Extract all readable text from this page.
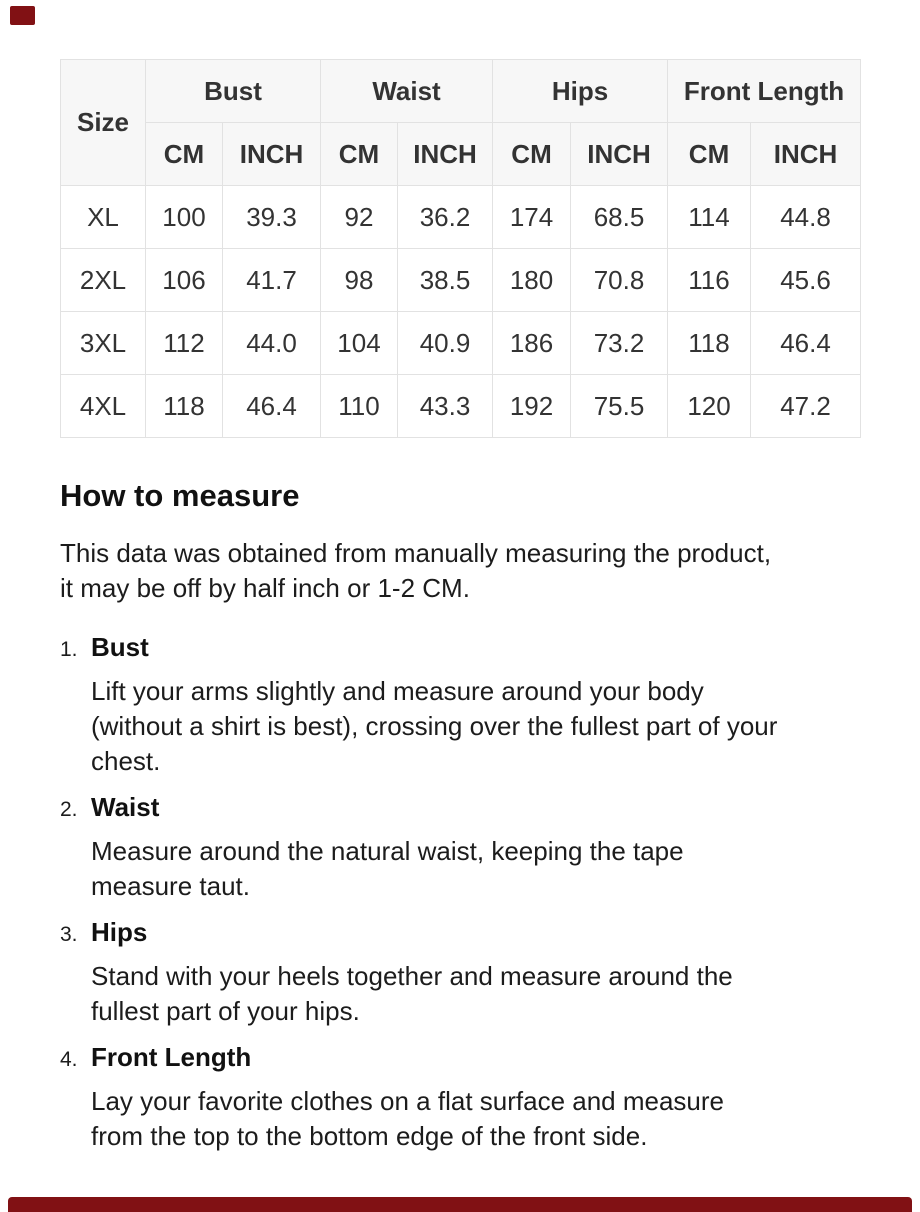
Size	Bust		Waist		Hips		Front Length	
	CM	INCH	CM	INCH	CM	INCH	CM	INCH
XL	100	39.3	92	36.2	174	68.5	114	44.8
2XL	106	41.7	98	38.5	180	70.8	116	45.6
3XL	112	44.0	104	40.9	186	73.2	118	46.4
4XL	118	46.4	110	43.3	192	75.5	120	47.2
How to measure
This data was obtained from manually measuring the product,
it may be off by half inch or 1-2 CM.
1. Bust
Lift your arms slightly and measure around your body
(without a shirt is best), crossing over the fullest part of your
chest.
2. Waist
Measure around the natural waist, keeping the tape
measure taut.
3. Hips
Stand with your heels together and measure around the
fullest part of your hips.
4. Front Length
Lay your favorite clothes on a flat surface and measure
from the top to the bottom edge of the front side.
